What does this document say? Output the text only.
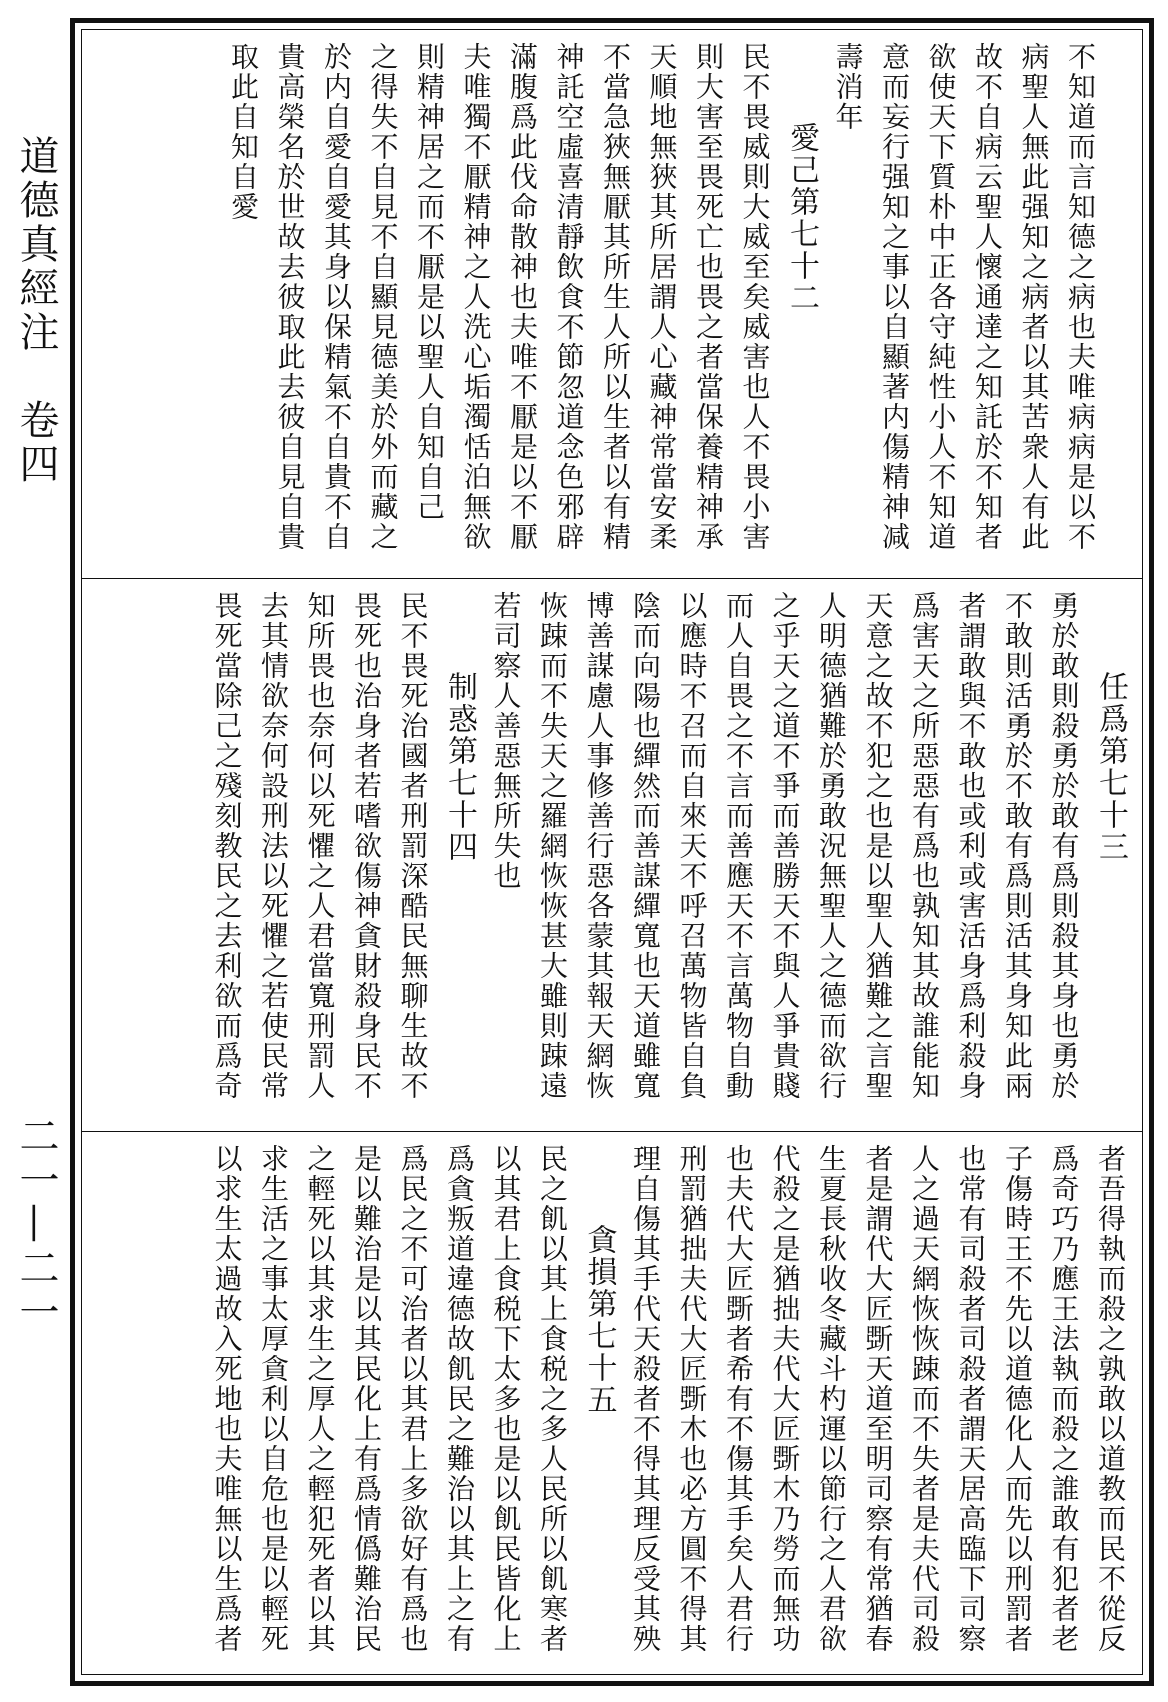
道德真經注　卷四
二一—二一
不知道而言知德之病也夫唯病病是以不
病聖人無此强知之病者以其苦衆人有此
故不自病云聖人懷通達之知託於不知者
欲使天下質朴中正各守純性小人不知道
意而妄行强知之事以自顯著内傷精神减
壽消年
愛己第七十二
民不畏威則大威至矣威害也人不畏小害
則大害至畏死亡也畏之者當保養精神承
天順地無狹其所居謂人心藏神常當安柔
不當急狹無厭其所生人所以生者以有精
神託空虛喜清靜飲食不節忽道念色邪辟
滿腹爲此伐命散神也夫唯不厭是以不厭
夫唯獨不厭精神之人洗心垢濁恬泊無欲
則精神居之而不厭是以聖人自知自己
之得失不自見不自顯見德美於外而藏之
於内自愛自愛其身以保精氣不自貴不自
貴高榮名於世故去彼取此去彼自見自貴
取此自知自愛
任爲第七十三
勇於敢則殺勇於敢有爲則殺其身也勇於
不敢則活勇於不敢有爲則活其身知此兩
者謂敢與不敢也或利或害活身爲利殺身
爲害天之所惡惡有爲也孰知其故誰能知
天意之故不犯之也是以聖人猶難之言聖
人明德猶難於勇敢況無聖人之德而欲行
之乎天之道不爭而善勝天不與人爭貴賤
而人自畏之不言而善應天不言萬物自動
以應時不召而自來天不呼召萬物皆自負
陰而向陽也繟然而善謀繟寬也天道雖寬
博善謀慮人事修善行惡各蒙其報天網恢
恢踈而不失天之羅網恢恢甚大雖則踈遠
若司察人善惡無所失也
制惑第七十四
民不畏死治國者刑罰深酷民無聊生故不
畏死也治身者若嗜欲傷神貪財殺身民不
知所畏也奈何以死懼之人君當寬刑罰人
去其情欲奈何設刑法以死懼之若使民常
畏死當除己之殘刻教民之去利欲而爲奇
者吾得執而殺之孰敢以道教而民不從反
爲奇巧乃應王法執而殺之誰敢有犯者老
子傷時王不先以道德化人而先以刑罰者
也常有司殺者司殺者謂天居高臨下司察
人之過天網恢恢踈而不失者是夫代司殺
者是謂代大匠斲天道至明司察有常猶春
生夏長秋收冬藏斗杓運以節行之人君欲
代殺之是猶拙夫代大匠斲木乃勞而無功
也夫代大匠斲者希有不傷其手矣人君行
刑罰猶拙夫代大匠斲木也必方圓不得其
理自傷其手代天殺者不得其理反受其殃
貪損第七十五
民之飢以其上食税之多人民所以飢寒者
以其君上食税下太多也是以飢民皆化上
爲貪叛道違德故飢民之難治以其上之有
爲民之不可治者以其君上多欲好有爲也
是以難治是以其民化上有爲情僞難治民
之輕死以其求生之厚人之輕犯死者以其
求生活之事太厚貪利以自危也是以輕死
以求生太過故入死地也夫唯無以生爲者
